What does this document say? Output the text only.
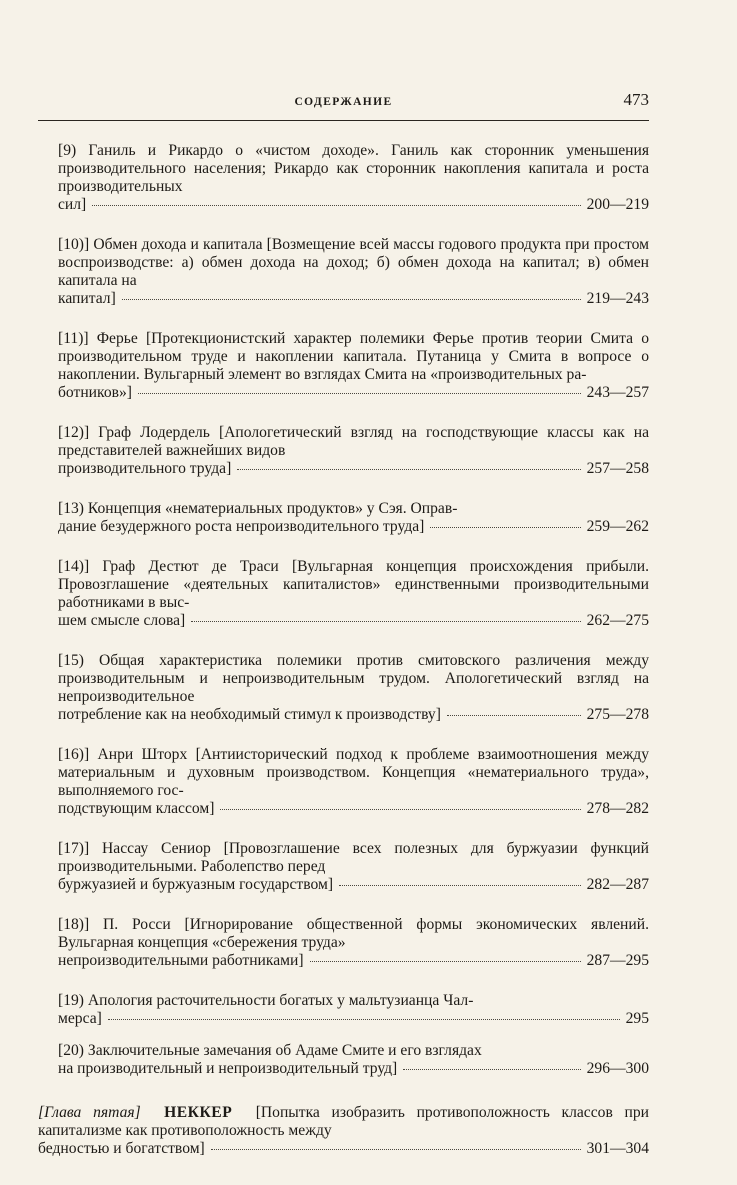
СОДЕРЖАНИЕ	473
[9) Ганиль и Рикардо о «чистом доходе». Ганиль как сторонник уменьшения производительного населения; Рикардо как сторонник накопления капитала и роста производительных
сил]	200—219
[10)] Обмен дохода и капитала [Возмещение всей массы годового продукта при простом воспроизводстве: а) обмен дохода на доход; б) обмен дохода на капитал; в) обмен капитала на
капитал]	219—243
[11)] Ферье [Протекционистский характер полемики Ферье против теории Смита о производительном труде и накоплении капитала. Путаница у Смита в вопросе о накоплении. Вульгарный элемент во взглядах Смита на «производительных ра-
ботников»]	243—257
[12)] Граф Лодердель [Апологетический взгляд на господствующие классы как на представителей важнейших видов
производительного труда]	257—258
[13) Концепция «нематериальных продуктов» у Сэя. Оправ-
дание безудержного роста непроизводительного труда]	259—262
[14)] Граф Дестют де Траси [Вульгарная концепция происхождения прибыли. Провозглашение «деятельных капиталистов» единственными производительными работниками в выс-
шем смысле слова]	262—275
[15) Общая характеристика полемики против смитовского различения между производительным и непроизводительным трудом. Апологетический взгляд на непроизводительное
потребление как на необходимый стимул к производству]	275—278
[16)] Анри Шторх [Антиисторический подход к проблеме взаимоотношения между материальным и духовным производством. Концепция «нематериального труда», выполняемого гос-
подствующим классом]	278—282
[17)] Нассау Сениор [Провозглашение всех полезных для буржуазии функций производительными. Раболепство перед
буржуазией и буржуазным государством]	282—287
[18)] П. Росси [Игнорирование общественной формы экономических явлений. Вульгарная концепция «сбережения труда»
непроизводительными работниками]	287—295
[19) Апология расточительности богатых у мальтузианца Чал-
мерса]	295
[20) Заключительные замечания об Адаме Смите и его взглядах
на производительный и непроизводительный труд]	296—300
[Глава пятая] НЕККЕР [Попытка изобразить противоположность классов при капитализме как противоположность между
бедностью и богатством]	301—304
